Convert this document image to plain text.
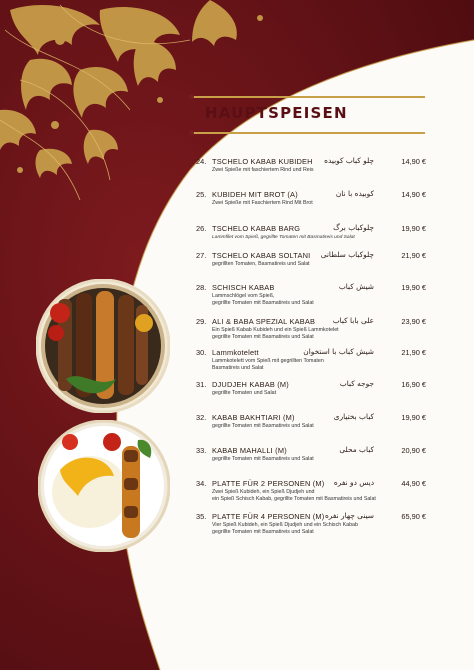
HAUPTSPEISEN
24. TSCHELO KABAB KUBIDEH چلو کباب کوبیده	14,90 €
Zwei Spieße mit faschiertem Rind und Reis
25. KUBIDEH MIT BROT (A)	کوبیده با نان	14,90 €
Zwei Spieße mit Faschiertem Rind Mit Brot
26. TSCHELO KABAB BARG	چلوکباب برگ	19,90 €
Lammfilet vom Spieß, gegrillte Tomaten mit Basmatireis und Salat
27. TSCHELO KABAB SOLTANI چلوکباب سلطانی	21,90 €
gegrillten Tomaten, Basmatireis und Salat
28. SCHISCH KABAB	شیش کباب	19,90 €
Lammschlögel vom Spieß,
gegrillte Tomaten mit Basmatireis und Salat
29. ALI & BABA SPEZIAL KABAB علی بابا کباب	23,90 €
Ein Spieß Kabab Kubideh und ein Spieß Lammkotelet
gegrillte Tomaten mit Basmatireis und Salat
30. Lammkotelett	شیش کباب با استخوان	21,90 €
Lammkotelett vom Spieß mit gegrillten Tomaten
Basmatireis und Salat
31. DJUDJEH KABAB (M)	جوجه کباب	16,90 €
gegrillte Tomaten und Salat
32. KABAB BAKHTIARI (M)	کباب بختیاری	19,90 €
gegrillte Tomaten mit Basmatireis und Salat
33. KABAB MAHALLI (M)	کباب محلی	20,90 €
gegrillte Tomaten mit Basmatireis und Salat
34. PLATTE FÜR 2 PERSONEN (M) دیس دو نفره	44,90 €
Zwei Spieß Kubideh, ein Spieß Djudjeh und
ein Spieß Schisch Kabab, gegrillte Tomaten mit Basmatireis und Salat
35. PLATTE FÜR 4 PERSONEN (M) سینی چهار نفره	65,90 €
Vier Spieß Kubideh, ein Spieß Djudjeh und ein Schisch Kabab
gegrillte Tomaten mit Basmatireis und Salat
